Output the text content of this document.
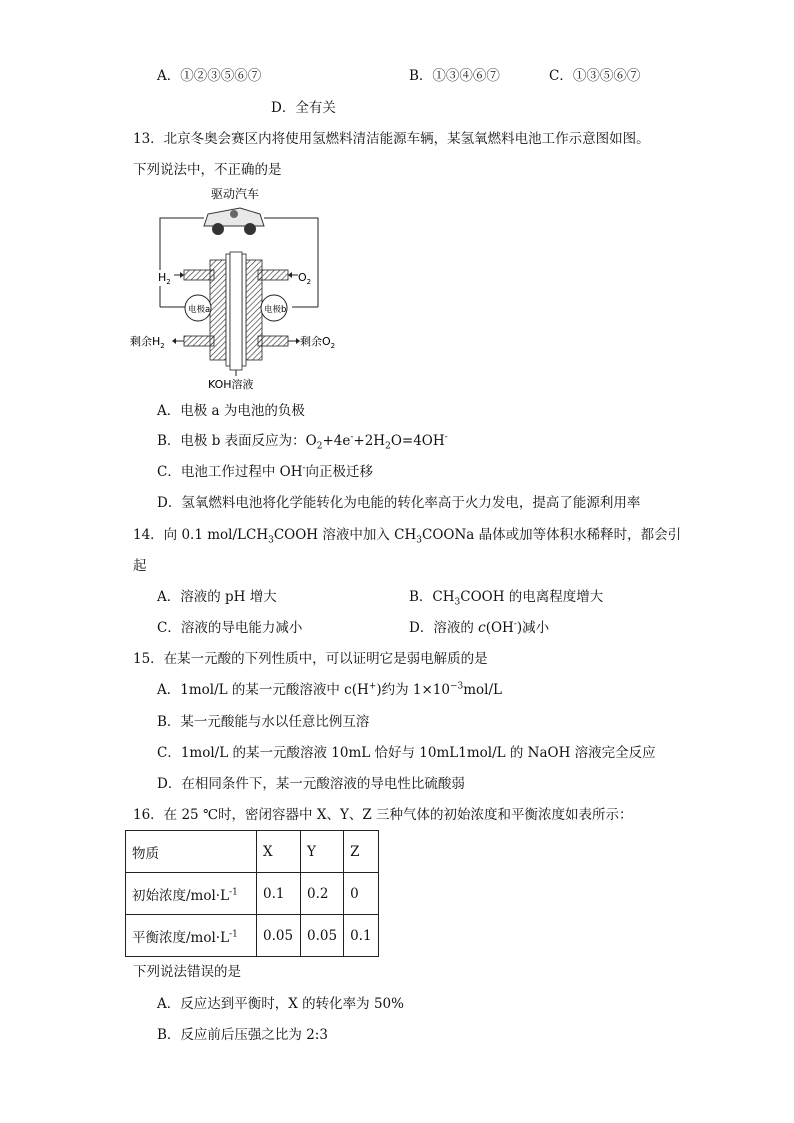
A．①②③⑤⑥⑦	B．①③④⑥⑦	C．①③⑤⑥⑦
D．全有关
13．北京冬奥会赛区内将使用氢燃料清洁能源车辆，某氢氧燃料电池工作示意图如图。
下列说法中，不正确的是
驱动汽车
$H_2$	$O_2$
电极a	电极b
剩余$H_2$	剩余$O_2$
KOH溶液
A．电极 a 为电池的负极
B．电极 b 表面反应为：$O_2+4e^-+2H_2O=4OH^-$
C．电池工作过程中 OH-向正极迁移
D．氢氧燃料电池将化学能转化为电能的转化率高于火力发电，提高了能源利用率
14．向 0.1 mol/$LCH_3COOH$ 溶液中加入 $CH_3COONa$ 晶体或加等体积水稀释时，都会引
起
A．溶液的 pH 增大	B．$CH_3COOH$ 的电离程度增大
C．溶液的导电能力减小	D．溶液的 c(OH-)减小
15．在某一元酸的下列性质中，可以证明它是弱电解质的是
A．1mol/L 的某一元酸溶液中 c(H+)约为 $1\times 10^{-3}mol/L$
B．某一元酸能与水以任意比例互溶
C．1mol/L 的某一元酸溶液 10mL 恰好与 10mL1mol/L 的 NaOH 溶液完全反应
D．在相同条件下，某一元酸溶液的导电性比硫酸弱
16．在 25 ℃时，密闭容器中 X、Y、Z 三种气体的初始浓度和平衡浓度如表所示：
物质	X	Y	Z
初始浓度$/mol\cdot L^{-1}$	0.1	0.2	0
平衡浓度$/mol\cdot L^{-1}$	0.05	0.05	0.1
下列说法错误的是
A．反应达到平衡时，X 的转化率为 50%
B．反应前后压强之比为 2:3
